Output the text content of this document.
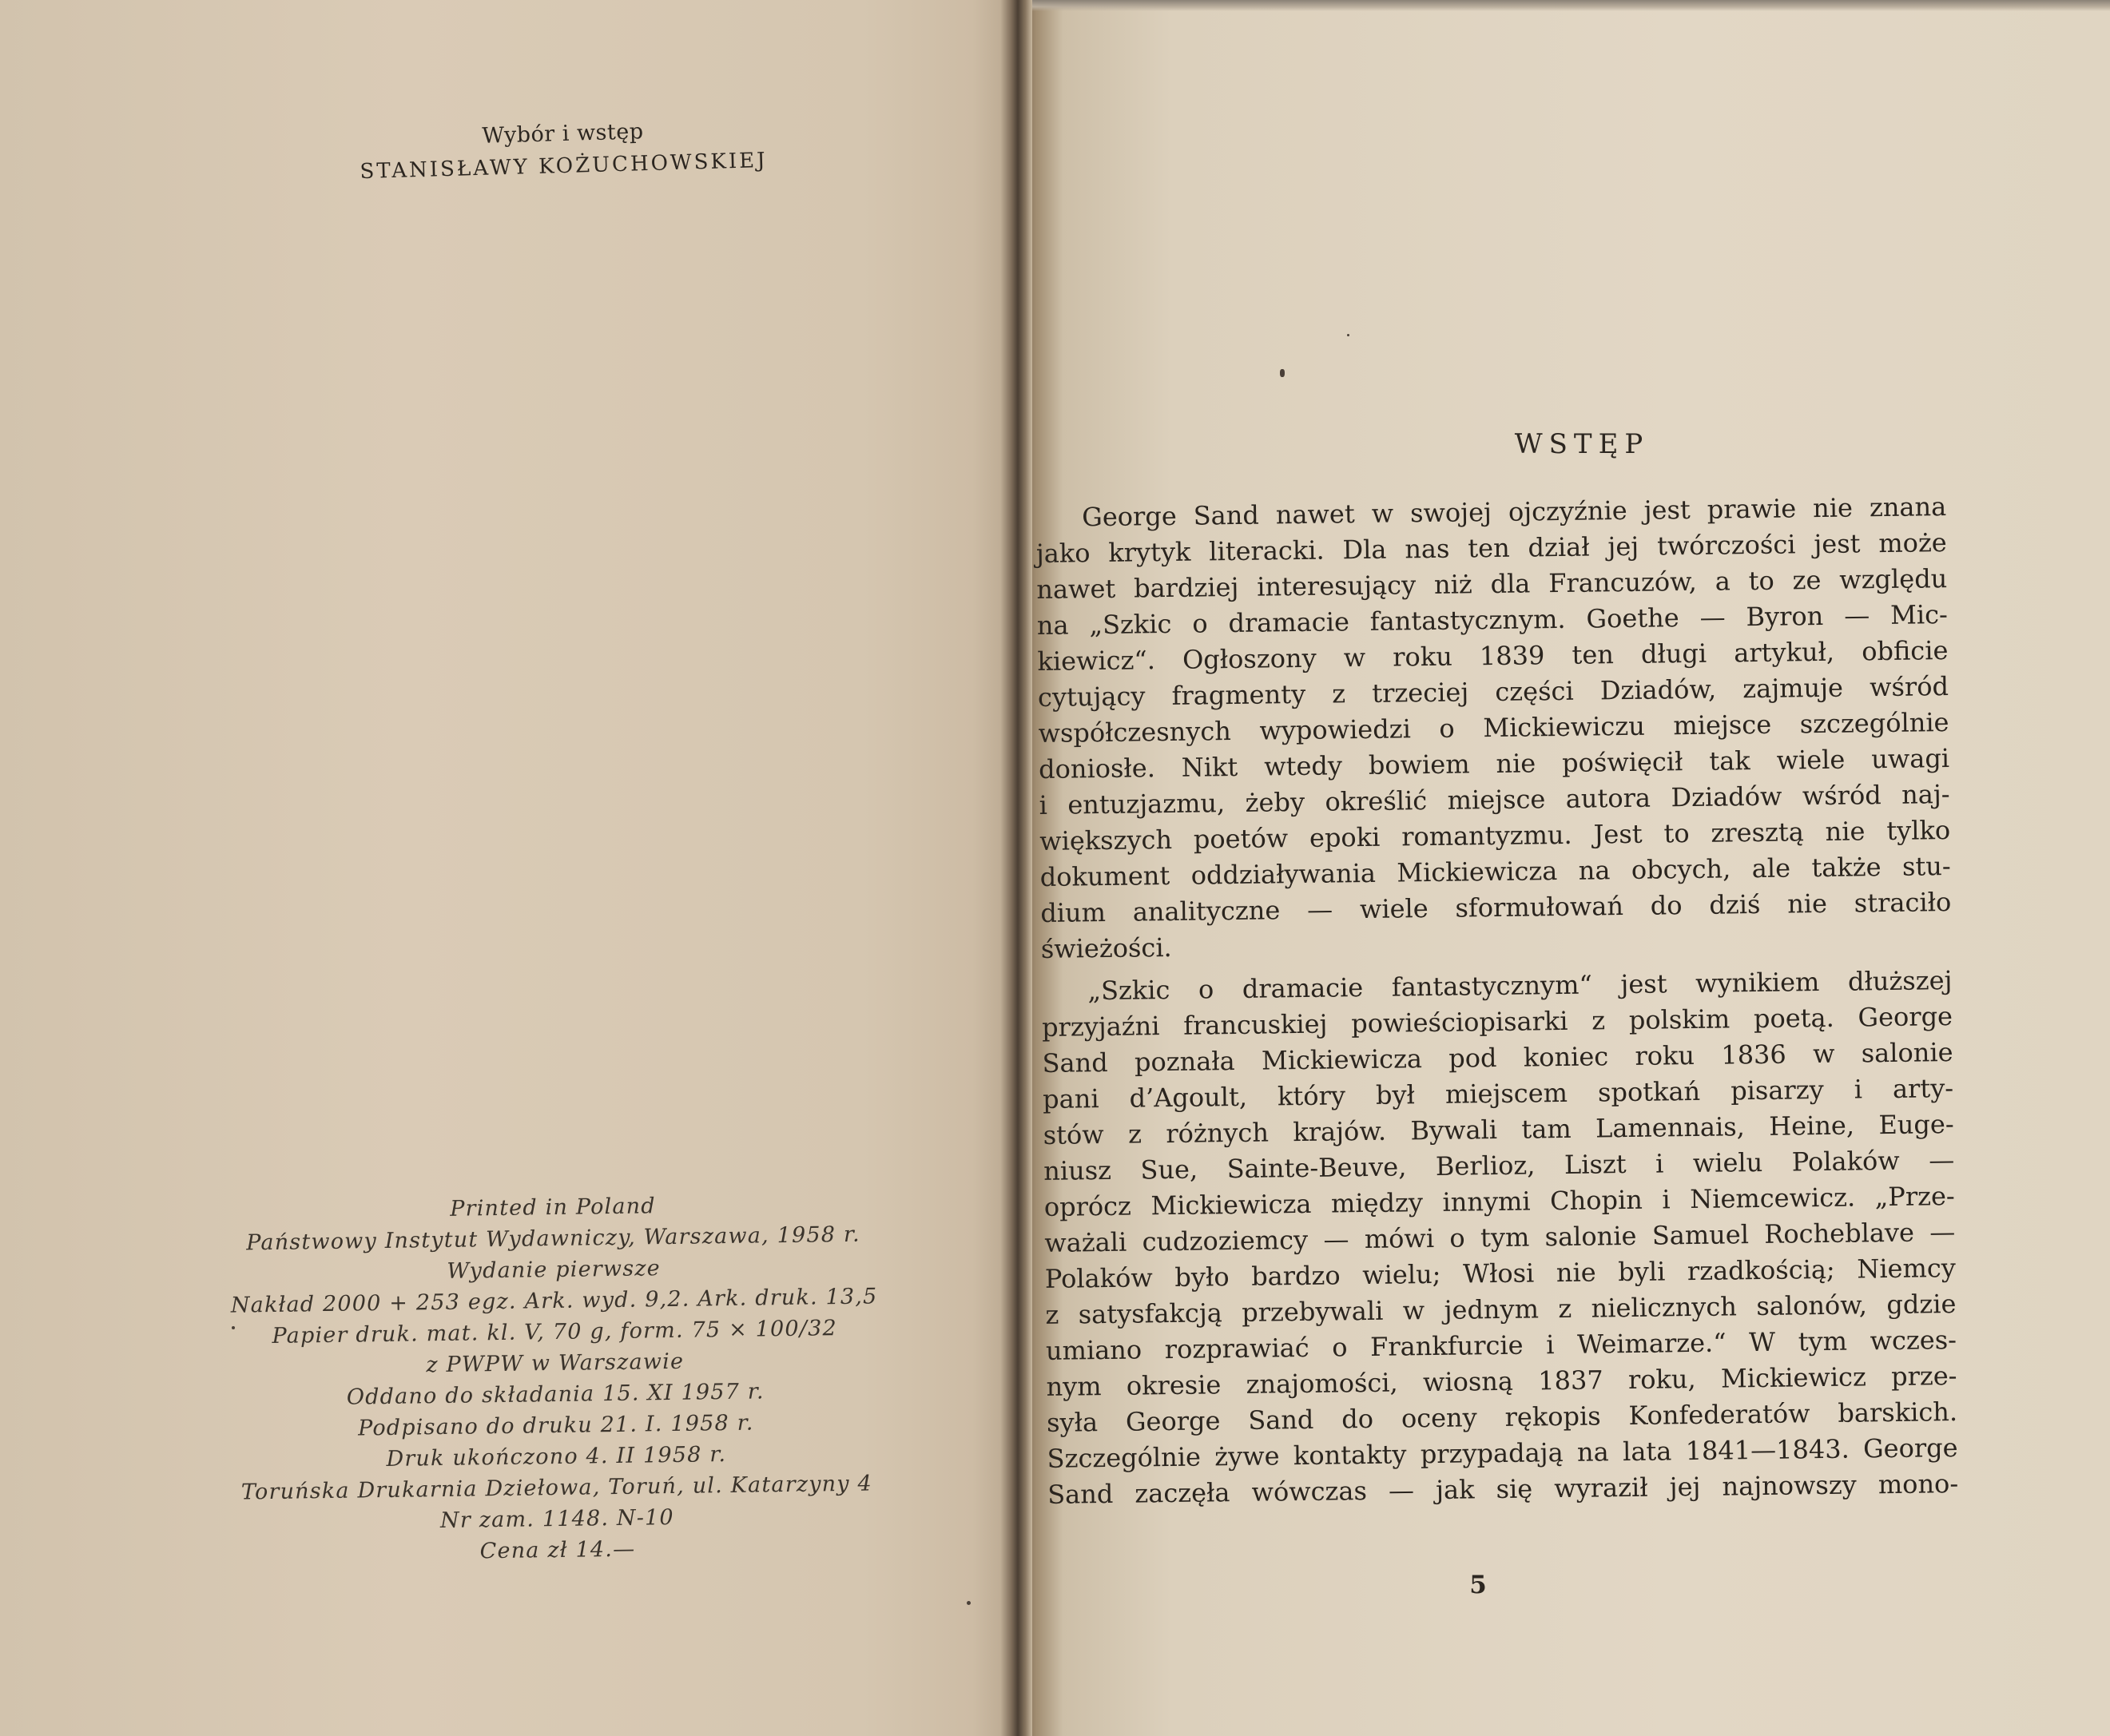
Wybór i wstęp
STANISŁAWY KOŻUCHOWSKIEJ
Printed in Poland
Państwowy Instytut Wydawniczy, Warszawa, 1958 r.
Wydanie pierwsze
Nakład 2000 + 253 egz. Ark. wyd. 9,2. Ark. druk. 13,5
Papier druk. mat. kl. V, 70 g, form. 75 × 100/32
z PWPW w Warszawie
Oddano do składania 15. XI 1957 r.
Podpisano do druku 21. I. 1958 r.
Druk ukończono 4. II 1958 r.
Toruńska Drukarnia Dziełowa, Toruń, ul. Katarzyny 4
Nr zam. 1148. N-10
Cena zł 14.—
WSTĘP
George Sand nawet w swojej ojczyźnie jest prawie nie znana
jako krytyk literacki. Dla nas ten dział jej twórczości jest może
nawet bardziej interesujący niż dla Francuzów, a to ze względu
na „Szkic o dramacie fantastycznym. Goethe — Byron — Mic-
kiewicz“. Ogłoszony w roku 1839 ten długi artykuł, obficie
cytujący fragmenty z trzeciej części Dziadów, zajmuje wśród
współczesnych wypowiedzi o Mickiewiczu miejsce szczególnie
doniosłe. Nikt wtedy bowiem nie poświęcił tak wiele uwagi
i entuzjazmu, żeby określić miejsce autora Dziadów wśród naj-
większych poetów epoki romantyzmu. Jest to zresztą nie tylko
dokument oddziaływania Mickiewicza na obcych, ale także stu-
dium analityczne — wiele sformułowań do dziś nie straciło
świeżości.
„Szkic o dramacie fantastycznym“ jest wynikiem dłuższej
przyjaźni francuskiej powieściopisarki z polskim poetą. George
Sand poznała Mickiewicza pod koniec roku 1836 w salonie
pani d’Agoult, który był miejscem spotkań pisarzy i arty-
stów z różnych krajów. Bywali tam Lamennais, Heine, Euge-
niusz Sue, Sainte-Beuve, Berlioz, Liszt i wielu Polaków —
oprócz Mickiewicza między innymi Chopin i Niemcewicz. „Prze-
ważali cudzoziemcy — mówi o tym salonie Samuel Rocheblave —
Polaków było bardzo wielu; Włosi nie byli rzadkością; Niemcy
z satysfakcją przebywali w jednym z nielicznych salonów, gdzie
umiano rozprawiać o Frankfurcie i Weimarze.“ W tym wczes-
nym okresie znajomości, wiosną 1837 roku, Mickiewicz prze-
syła George Sand do oceny rękopis Konfederatów barskich.
Szczególnie żywe kontakty przypadają na lata 1841—1843. George
Sand zaczęła wówczas — jak się wyraził jej najnowszy mono-
5
